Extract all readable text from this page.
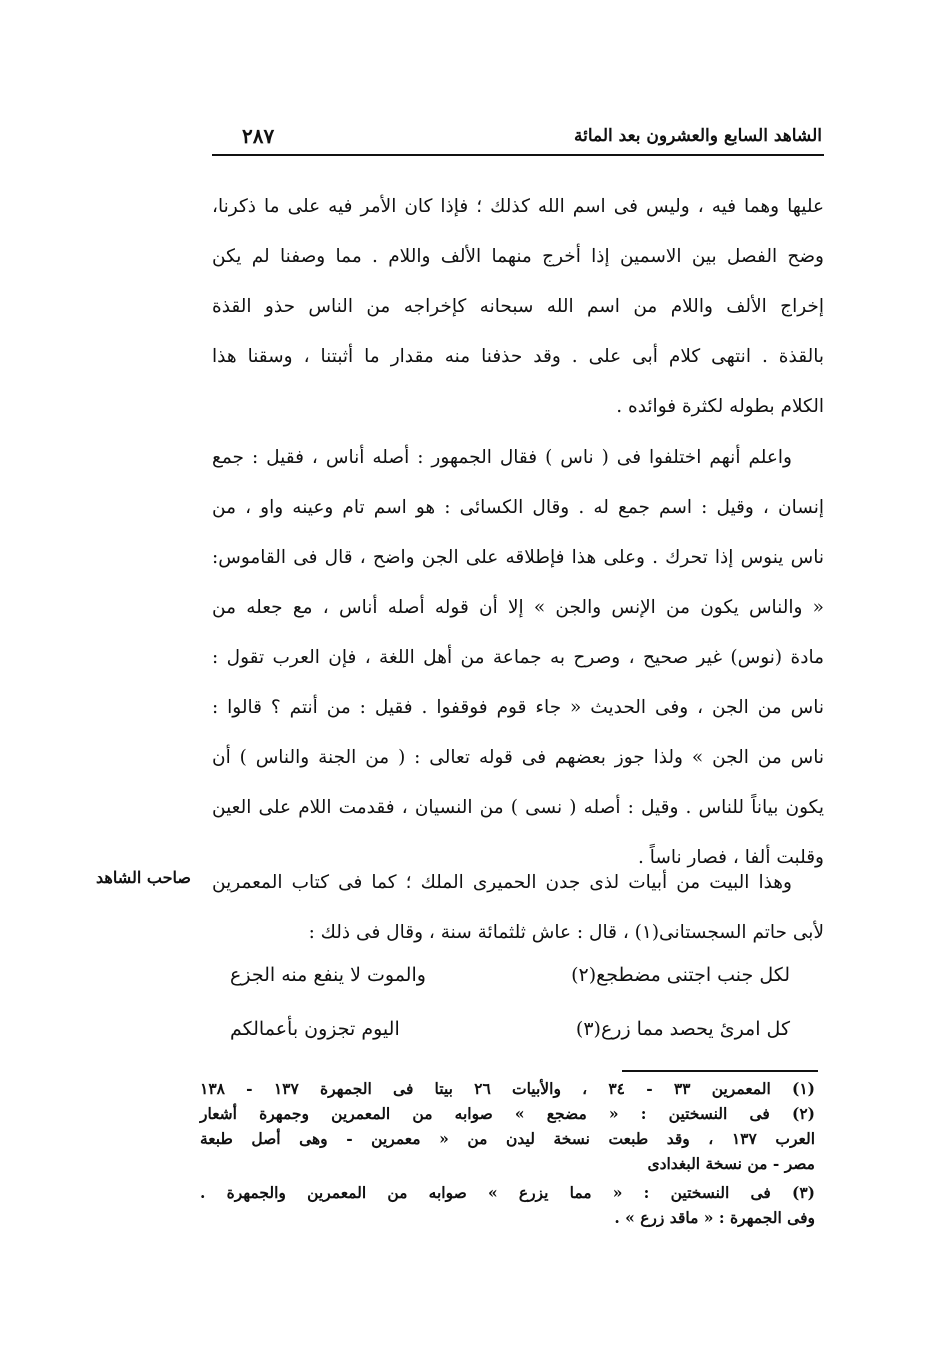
الشاهد السابع والعشرون بعد المائة
٢٨٧
عليها وهما فيه ، وليس فى اسم الله كذلك ؛ فإذا كان الأمر فيه على ما ذكرنا،
وضح الفصل بين الاسمين إذا أخرج منهما الألف واللام . مما وصفنا لم يكن
إخراج الألف واللام من اسم الله سبحانه كإخراجه من الناس حذو القذة
بالقذة . انتهى كلام أبى على . وقد حذفنا منه مقدار ما أثبتنا ، وسقنا هذا
الكلام بطوله لكثرة فوائده .
واعلم أنهم اختلفوا فى ( ناس ) فقال الجمهور : أصله أناس ، فقيل : جمع
إنسان ، وقيل : اسم جمع له . وقال الكسائى : هو اسم تام وعينه واو ، من
ناس ينوس إذا تحرك . وعلى هذا فإطلاقه على الجن واضح ، قال فى القاموس:
« والناس يكون من الإنس والجن » إلا أن قوله أصله أناس ، مع جعله من
مادة (نوس) غير صحيح ، وصرح به جماعة من أهل اللغة ، فإن العرب تقول :
ناس من الجن ، وفى الحديث « جاء قوم فوقفوا . فقيل : من أنتم ؟ قالوا :
ناس من الجن » ولذا جوز بعضهم فى قوله تعالى : ( من الجنة والناس ) أن
يكون بياناً للناس . وقيل : أصله ( نسى ) من النسيان ، فقدمت اللام على العين
وقلبت ألفا ، فصار ناساً .
وهذا البيت من أبيات لذى جدن الحميرى الملك ؛ كما فى كتاب المعمرين
لأبى حاتم السجستانى(١) ، قال : عاش ثلثمائة سنة ، وقال فى ذلك :
صاحب الشاهد
لكل جنب اجتنى مضطجع(٢)
والموت لا ينفع منه الجزع
كل امرئ يحصد مما زرع(٣)
اليوم تجزون بأعمالكم
(١) المعمرين ٣٣ - ٣٤ ، والأبيات ٢٦ بيتا فى الجمهرة ١٣٧ - ١٣٨
(٢) فى النسختين : « مضجع » صوابه من المعمرين وجمهرة أشعار
العرب ١٣٧ ، وقد طبعت نسخة ليدن من « معمرين - وهى أصل طبعة
مصر - من نسخة البغدادى
(٣) فى النسختين : « مما يزرع » صوابه من المعمرين والجمهرة .
وفى الجمهرة : « ماقد زرع » .
